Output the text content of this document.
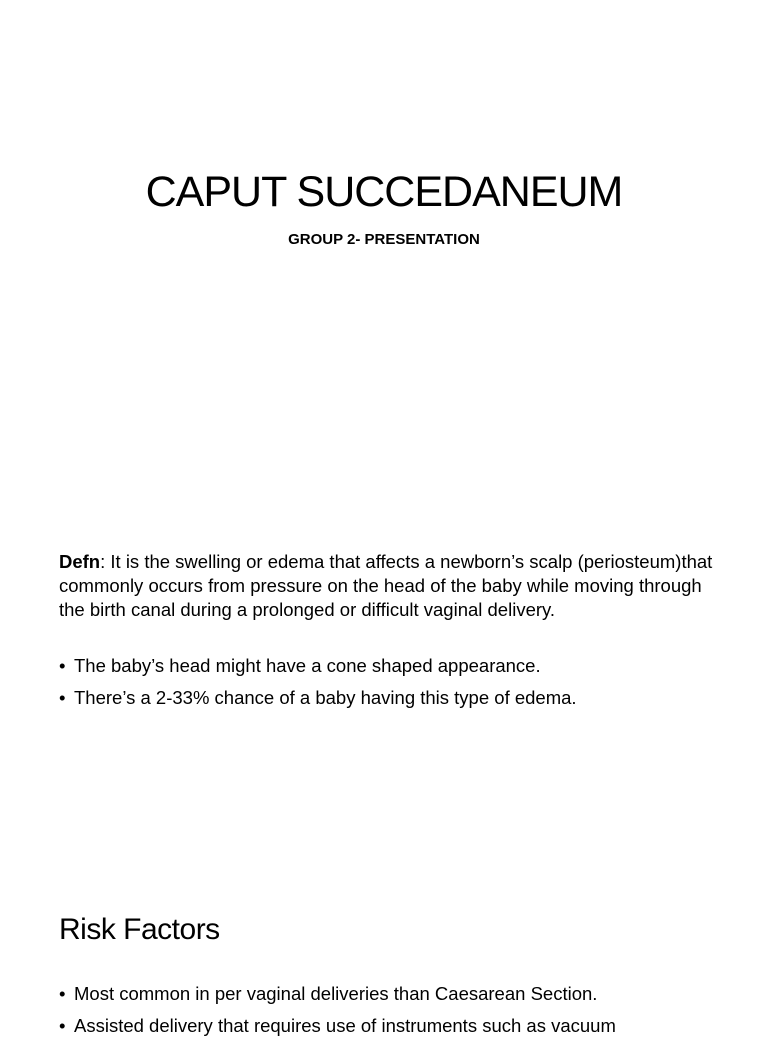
CAPUT SUCCEDANEUM
GROUP 2- PRESENTATION
Defn: It is the swelling or edema that affects a newborn’s scalp (periosteum)that commonly occurs from pressure on the head of the baby while moving through the birth canal during a prolonged or difficult vaginal delivery.
• The baby’s head might have a cone shaped appearance.
• There’s a 2-33% chance of a baby having this type of edema.
Risk Factors
• Most common in per vaginal deliveries than Caesarean Section.
• Assisted delivery that requires use of instruments such as vacuum
